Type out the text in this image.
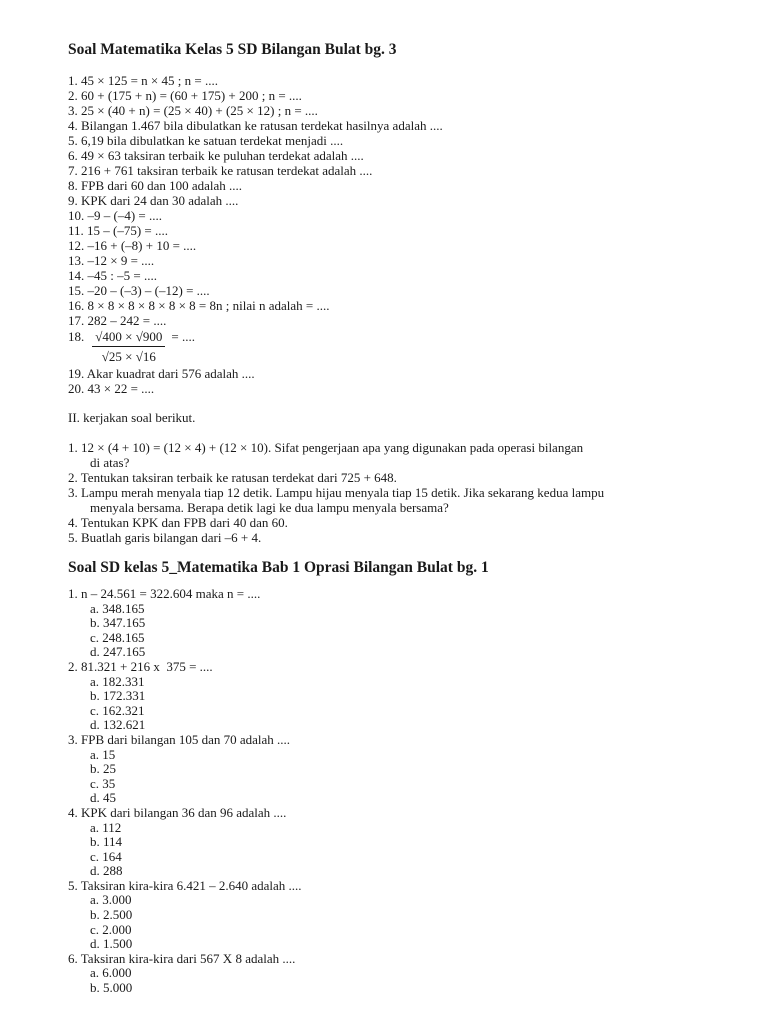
Soal Matematika Kelas 5 SD Bilangan Bulat bg. 3
1. 45 × 125 = n × 45 ; n = ....
2. 60 + (175 + n) = (60 + 175) + 200 ; n = ....
3. 25 × (40 + n) = (25 × 40) + (25 × 12) ; n = ....
4. Bilangan 1.467 bila dibulatkan ke ratusan terdekat hasilnya adalah ....
5. 6,19 bila dibulatkan ke satuan terdekat menjadi ....
6. 49 × 63 taksiran terbaik ke puluhan terdekat adalah ....
7. 216 + 761 taksiran terbaik ke ratusan terdekat adalah ....
8. FPB dari 60 dan 100 adalah ....
9. KPK dari 24 dan 30 adalah ....
10. –9 – (–4) = ....
11. 15 – (–75) = ....
12. –16 + (–8) + 10 = ....
13. –12 × 9 = ....
14. –45 : –5 = ....
15. –20 – (–3) – (–12) = ....
16. 8 × 8 × 8 × 8 × 8 × 8 = 8n ; nilai n adalah = ....
17. 282 – 242 = ....
18. $\frac{√400 \times √900}{√25 \times √16}$ = ....
19. Akar kuadrat dari 576 adalah ....
20. 43 × 22 = ....
II. kerjakan soal berikut.
1. 12 × (4 + 10) = (12 × 4) + (12 × 10). Sifat pengerjaan apa yang digunakan pada operasi bilangan
di atas?
2. Tentukan taksiran terbaik ke ratusan terdekat dari 725 + 648.
3. Lampu merah menyala tiap 12 detik. Lampu hijau menyala tiap 15 detik. Jika sekarang kedua lampu
menyala bersama. Berapa detik lagi ke dua lampu menyala bersama?
4. Tentukan KPK dan FPB dari 40 dan 60.
5. Buatlah garis bilangan dari –6 + 4.
Soal SD kelas 5_Matematika Bab 1 Oprasi Bilangan Bulat bg. 1
1. n – 24.561 = 322.604 maka n = ....
a. 348.165
b. 347.165
c. 248.165
d. 247.165
2. 81.321 + 216 x  375 = ....
a. 182.331
b. 172.331
c. 162.321
d. 132.621
3. FPB dari bilangan 105 dan 70 adalah ....
a. 15
b. 25
c. 35
d. 45
4. KPK dari bilangan 36 dan 96 adalah ....
a. 112
b. 114
c. 164
d. 288
5. Taksiran kira-kira 6.421 – 2.640 adalah ....
a. 3.000
b. 2.500
c. 2.000
d. 1.500
6. Taksiran kira-kira dari 567 X 8 adalah ....
a. 6.000
b. 5.000
